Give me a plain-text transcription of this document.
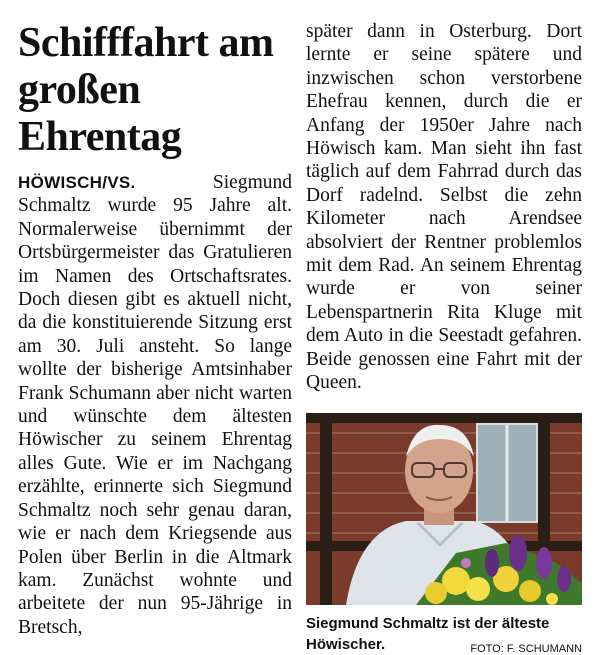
Schifffahrt am großen Ehrentag

HÖWISCH/VS.	Siegmund Schmaltz wurde 95 Jahre alt. Normalerweise übernimmt der Ortsbürgermeister das Gratulieren im Namen des Ortschaftsrates. Doch diesen gibt es aktuell nicht, da die konstituierende Sitzung erst am 30. Juli ansteht. So lange wollte der bisherige Amtsinhaber Frank Schumann aber nicht warten und wünschte dem ältesten Höwischer zu seinem Ehrentag alles Gute. Wie er im Nachgang erzählte, erinnerte sich Siegmund Schmaltz noch sehr genau daran, wie er nach dem Kriegsende aus Polen über Berlin in die Altmark kam. Zunächst wohnte und arbeitete der nun 95-Jährige in Bretsch,

später dann in Osterburg. Dort lernte er seine spätere und inzwischen schon verstorbene Ehefrau kennen, durch die er Anfang der 1950er Jahre nach Höwisch kam. Man sieht ihn fast täglich auf dem Fahrrad durch das Dorf radelnd. Selbst die zehn Kilometer nach Arendsee absolviert der Rentner problemlos mit dem Rad. An seinem Ehrentag wurde er von seiner Lebenspartnerin Rita Kluge mit dem Auto in die Seestadt gefahren. Beide genossen eine Fahrt mit der Queen.

Siegmund Schmaltz ist der älteste Höwischer.	FOTO: F. SCHUMANN
